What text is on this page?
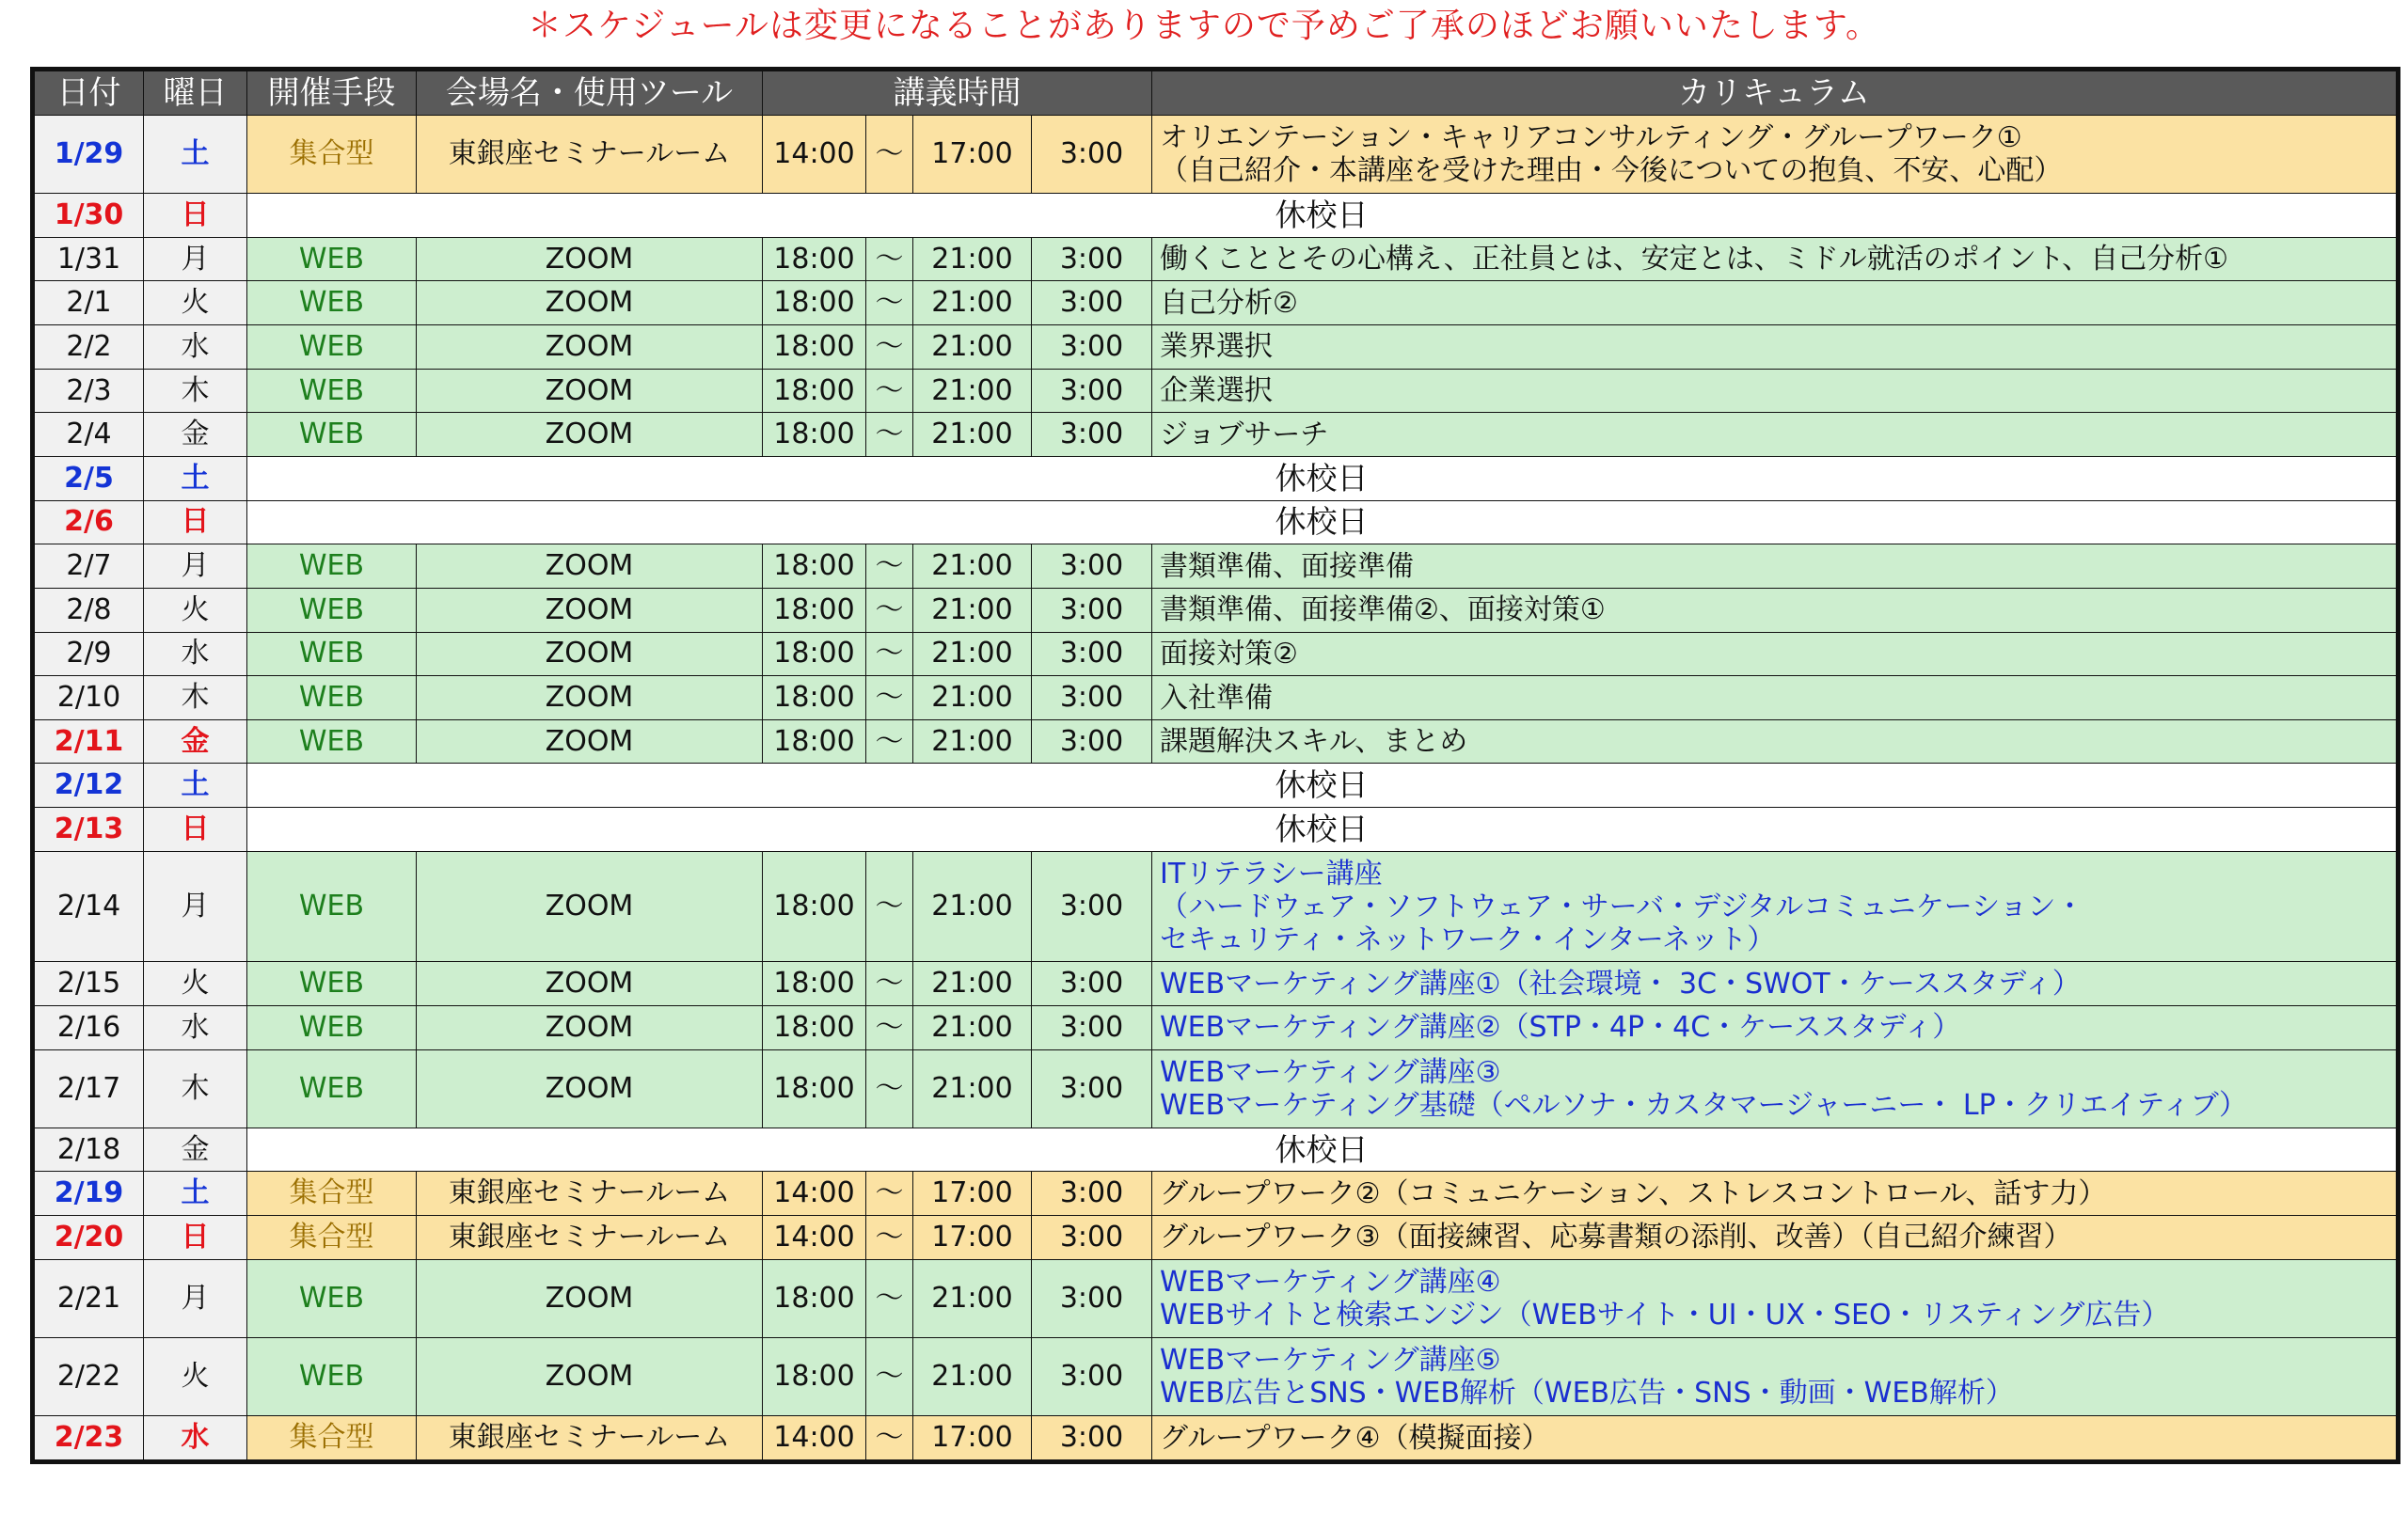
＊スケジュールは変更になることがありますので予めご了承のほどお願いいたします。
日付	曜日	開催手段	会場名・使用ツール	講義時間				カリキュラム
1/29	土	集合型	東銀座セミナールーム	14:00	〜	17:00	3:00	オリエンテーション・キャリアコンサルティング・グループワーク①
（自己紹介・本講座を受けた理由・今後についての抱負、不安、心配）

1/30	日	休校日						
1/31	月	WEB	ZOOM	18:00	〜	21:00	3:00	働くこととその心構え、正社員とは、安定とは、ミドル就活のポイント、自己分析①

2/1	火	WEB	ZOOM	18:00	〜	21:00	3:00	自己分析②

2/2	水	WEB	ZOOM	18:00	〜	21:00	3:00	業界選択

2/3	木	WEB	ZOOM	18:00	〜	21:00	3:00	企業選択

2/4	金	WEB	ZOOM	18:00	〜	21:00	3:00	ジョブサーチ

2/5	土	休校日						
2/6	日	休校日						
2/7	月	WEB	ZOOM	18:00	〜	21:00	3:00	書類準備、面接準備

2/8	火	WEB	ZOOM	18:00	〜	21:00	3:00	書類準備、面接準備②、面接対策①

2/9	水	WEB	ZOOM	18:00	〜	21:00	3:00	面接対策②

2/10	木	WEB	ZOOM	18:00	〜	21:00	3:00	入社準備

2/11	金	WEB	ZOOM	18:00	〜	21:00	3:00	課題解決スキル、まとめ

2/12	土	休校日						
2/13	日	休校日						
2/14	月	WEB	ZOOM	18:00	〜	21:00	3:00	ITリテラシー講座
（ハードウェア・ソフトウェア・サーバ・デジタルコミュニケーション・
セキュリティ・ネットワーク・インターネット）

2/15	火	WEB	ZOOM	18:00	〜	21:00	3:00	WEBマーケティング講座①（社会環境・ 3C・SWOT・ケーススタディ）

2/16	水	WEB	ZOOM	18:00	〜	21:00	3:00	WEBマーケティング講座②（STP・4P・4C・ケーススタディ）

2/17	木	WEB	ZOOM	18:00	〜	21:00	3:00	WEBマーケティング講座③
WEBマーケティング基礎（ペルソナ・カスタマージャーニー・ LP・クリエイティブ）

2/18	金	休校日						
2/19	土	集合型	東銀座セミナールーム	14:00	〜	17:00	3:00	グループワーク②（コミュニケーション、ストレスコントロール、話す力）

2/20	日	集合型	東銀座セミナールーム	14:00	〜	17:00	3:00	グループワーク③（面接練習、応募書類の添削、改善）（自己紹介練習）

2/21	月	WEB	ZOOM	18:00	〜	21:00	3:00	WEBマーケティング講座④
WEBサイトと検索エンジン（WEBサイト・UI・UX・SEO・リスティング広告）

2/22	火	WEB	ZOOM	18:00	〜	21:00	3:00	WEBマーケティング講座⑤
WEB広告とSNS・WEB解析（WEB広告・SNS・動画・WEB解析）

2/23	水	集合型	東銀座セミナールーム	14:00	〜	17:00	3:00	グループワーク④（模擬面接）
